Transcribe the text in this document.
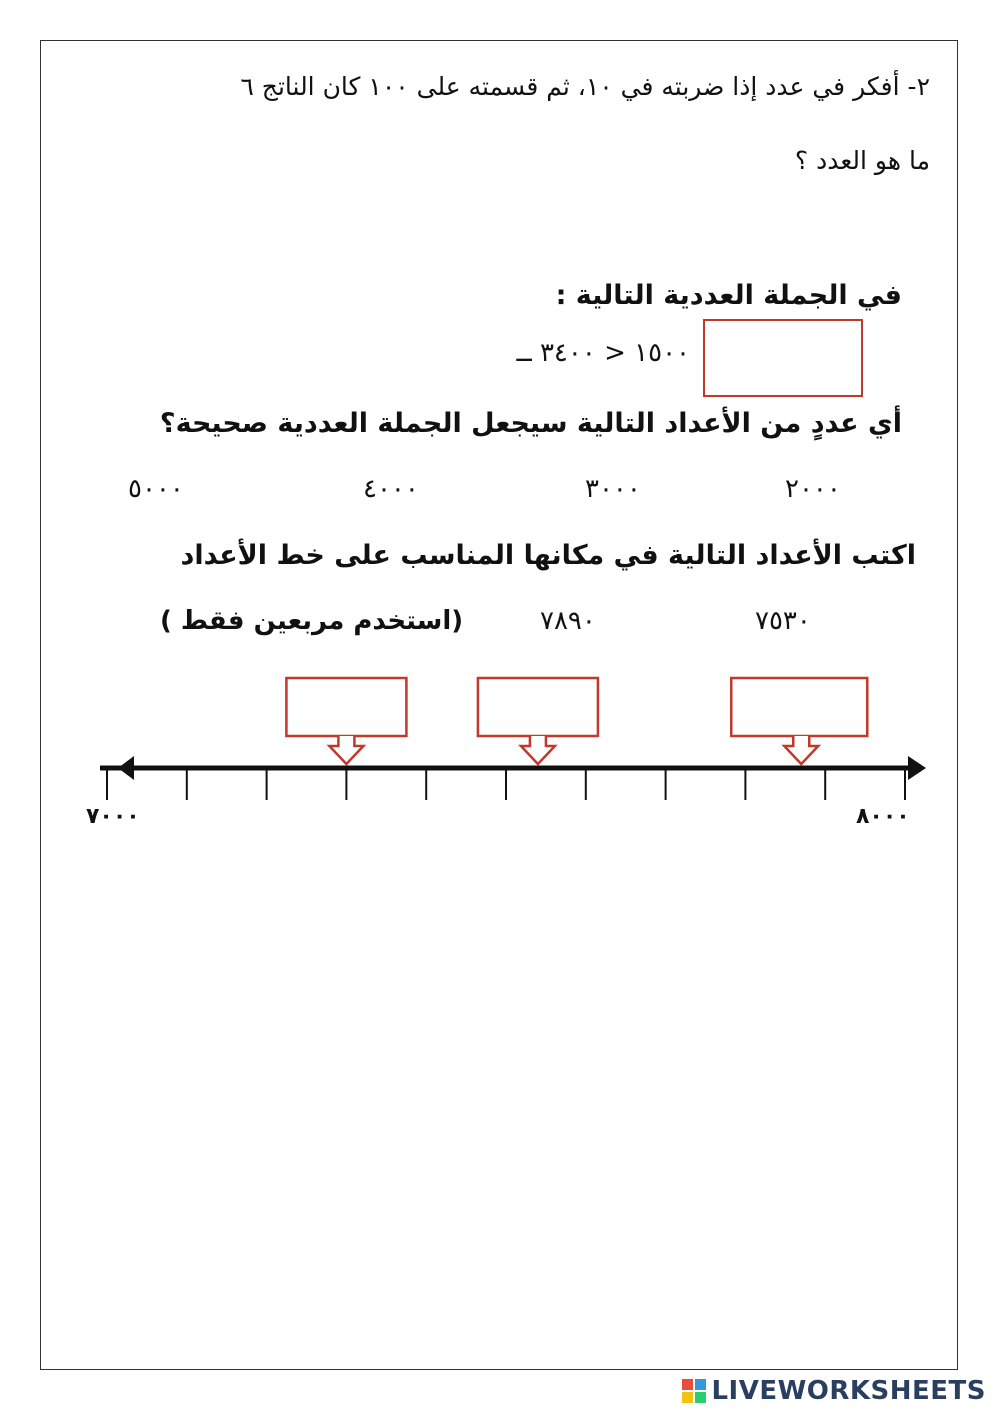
٢- أفكر في عدد إذا ضربته في ١٠، ثم قسمته على ١٠٠ كان الناتج ٦
ما هو العدد ؟
في الجملة العددية التالية :
١٥٠٠ < ٣٤٠٠ ــ
أي عددٍ من الأعداد التالية سيجعل الجملة العددية صحيحة؟
٢٠٠٠
٣٠٠٠
٤٠٠٠
٥٠٠٠
اكتب الأعداد التالية في مكانها المناسب على خط الأعداد
٧٥٣٠
٧٨٩٠
(استخدم مربعين فقط )
٧٠٠٠	٨٠٠٠
LIVEWORKSHEETS
